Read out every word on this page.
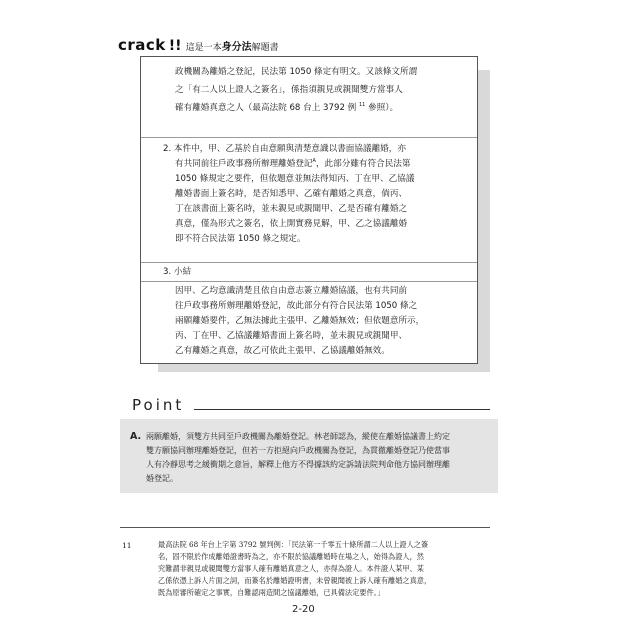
crack !! 這是一本身分法解題書
政機關為離婚之登記，民法第 1050 條定有明文。又該條文所謂
之「有二人以上證人之簽名」，係指須親見或親聞雙方當事人
確有離婚真意之人（最高法院 68 台上 3792 例 $^{11}$ 參照）。
2. 本件中，甲、乙基於自由意願與清楚意識以書面協議離婚，亦
有共同前往戶政事務所辦理離婚登記$^A$，此部分雖有符合民法第
1050 條規定之要件，但依題意並無法得知丙、丁在甲、乙協議
離婚書面上簽名時，是否知悉甲、乙確有離婚之真意，倘丙、
丁在該書面上簽名時，並未親見或親聞甲、乙是否確有離婚之
真意，僅為形式之簽名，依上開實務見解，甲、乙之協議離婚
即不符合民法第 1050 條之規定。
3. 小結
因甲、乙均意識清楚且依自由意志簽立離婚協議，也有共同前
往戶政事務所辦理離婚登記，故此部分有符合民法第 1050 條之
兩願離婚要件，乙無法據此主張甲、乙離婚無效；但依題意所示，
丙、丁在甲、乙協議離婚書面上簽名時，並未親見或親聞甲、
乙有離婚之真意，故乙可依此主張甲、乙協議離婚無效。
Point
A. 兩願離婚，須雙方共同至戶政機關為離婚登記。林老師認為，縱使在離婚協議書上約定
雙方願協同辦理離婚登記，但若一方拒絕向戶政機關為登記，為貫徹離婚登記乃使當事
人有冷靜思考之緩衝期之意旨，解釋上他方不得據該約定訴請法院判命他方協同辦理離
婚登記。
11	最高法院 68 年台上字第 3792 號判例：「民法第一千零五十條所謂二人以上證人之簽
名，固不限於作成離婚證書時為之，亦不限於協議離婚時在場之人，始得為證人，然
究難謂非親見或親聞雙方當事人確有離婚真意之人，亦得為證人。本件證人某甲、某
乙係依憑上訴人片面之詞，而簽名於離婚證明書，未曾親聞被上訴人確有離婚之真意，
既為原審所確定之事實，自難認兩造間之協議離婚，已具備法定要件。」
2-20
